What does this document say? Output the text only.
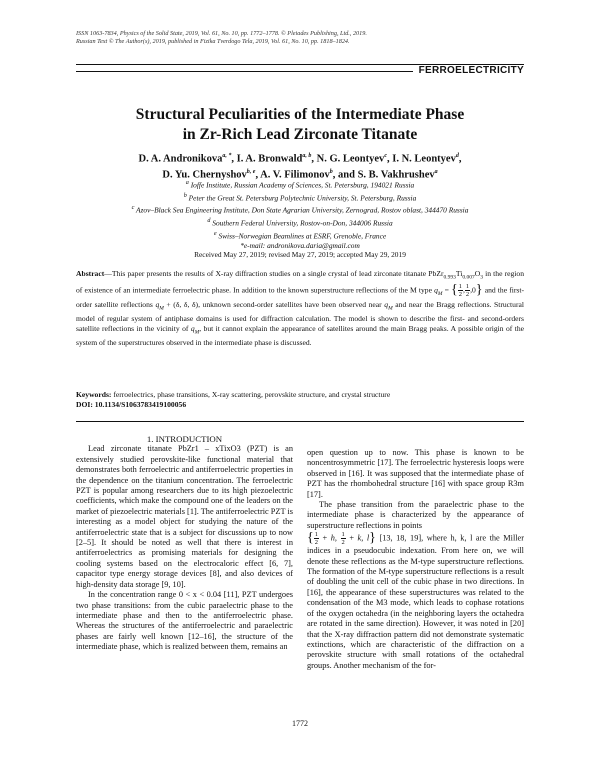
ISSN 1063-7834, Physics of the Solid State, 2019, Vol. 61, No. 10, pp. 1772–1778. © Pleiades Publishing, Ltd., 2019.
Russian Text © The Author(s), 2019, published in Fizika Tverdogo Tela, 2019, Vol. 61, No. 10, pp. 1818–1824.
FERROELECTRICITY
Structural Peculiarities of the Intermediate Phase
in Zr-Rich Lead Zirconate Titanate
D. A. Andronikova$^{a, *}$, I. A. Bronwald$^{a, b}$, N. G. Leontyev$^c$, I. N. Leontyev$^d$,
D. Yu. Chernyshov$^{b, e}$, A. V. Filimonov$^b$, and S. B. Vakhrushev$^a$
$^a$ Ioffe Institute, Russian Academy of Sciences, St. Petersburg, 194021 Russia
$^b$ Peter the Great St. Petersburg Polytechnic University, St. Petersburg, Russia
$^c$ Azov–Black Sea Engineering Institute, Don State Agrarian University, Zernograd, Rostov oblast, 344470 Russia
$^d$ Southern Federal University, Rostov-on-Don, 344006 Russia
$^e$ Swiss–Norwegian Beamlines at ESRF, Grenoble, France
*e-mail: andronikova.daria@gmail.com
Received May 27, 2019; revised May 27, 2019; accepted May 29, 2019
Abstract—This paper presents the results of X-ray diffraction studies on a single crystal of lead zirconate titanate $PbZr_{0.993}Ti_{0.007}O_3$ in the region of existence of an intermediate ferroelectric phase. In addition to the known superstructure reflections of the M type $q_M$ = { $\frac{1}{2}$, $\frac{1}{2},0$} and the first-order satellite reflections $q_M + (\delta$, δ, δ), unknown second-order satellites have been observed near $q_M$ and near the Bragg reflections. Structural model of regular system of antiphase domains is used for diffraction calculation. The model is shown to describe the first- and second-orders satellite reflections in the vicinity of $q_M$, but it cannot explain the appearance of satellites around the main Bragg peaks. A possible origin of the system of the superstructures observed in the intermediate phase is discussed.
Keywords: ferroelectrics, phase transitions, X-ray scattering, perovskite structure, and crystal structure
DOI: 10.1134/S1063783419100056

1. INTRODUCTION

Lead zirconate titanate PbZr1 – xTixO3 (PZT) is an extensively studied perovskite-like functional material that demonstrates both ferroelectric and antiferroelectric properties in the dependence on the titanium concentration. The ferroelectric PZT is popular among researchers due to its high piezoelectric coefficients, which make the compound one of the leaders on the market of piezoelectric materials [1]. The antiferroelectric PZT is interesting as a model object for studying the nature of the antiferroelectric state that is a subject for discussions up to now [2–5]. It should be noted as well that there is interest in antiferroelectrics as promising materials for designing the cooling systems based on the electrocaloric effect [6, 7], capacitor type energy storage devices [8], and also devices of high-density data storage [9, 10].

In the concentration range 0 < x < 0.04 [11], PZT undergoes two phase transitions: from the cubic paraelectric phase to the intermediate phase and then to the antiferroelectric phase. Whereas the structures of the antiferroelectric and paraelectric phases are fairly well known [12–16], the structure of the intermediate phase, which is realized between them, remains an

open question up to now. This phase is known to be noncentrosymmetric [17]. The ferroelectric hysteresis loops were observed in [16]. It was supposed that the intermediate phase of PZT has the rhombohedral structure [16] with space group R3m [17].

The phase transition from the paraelectric phase to the intermediate phase is characterized by the appearance of superstructure reflections in points

{ $\frac{1}{2} + h$, $\frac{1}{2} + k$, l} [13, 18, 19], where h, k, l are the Miller indices in a pseudocubic indexation. From here on, we will denote these reflections as the M-type superstructure reflections. The formation of the M-type superstructure reflections is a result of doubling the unit cell of the cubic phase in two directions. In [16], the appearance of these superstructures was related to the condensation of the M3 mode, which leads to cophase rotations of the oxygen octahedra (in the neighboring layers the octahedra are rotated in the same direction). However, it was noted in [20] that the X-ray diffraction pattern did not demonstrate systematic extinctions, which are characteristic of the diffraction on a perovskite structure with small rotations of the octahedral groups. Another mechanism of the for-

1772
